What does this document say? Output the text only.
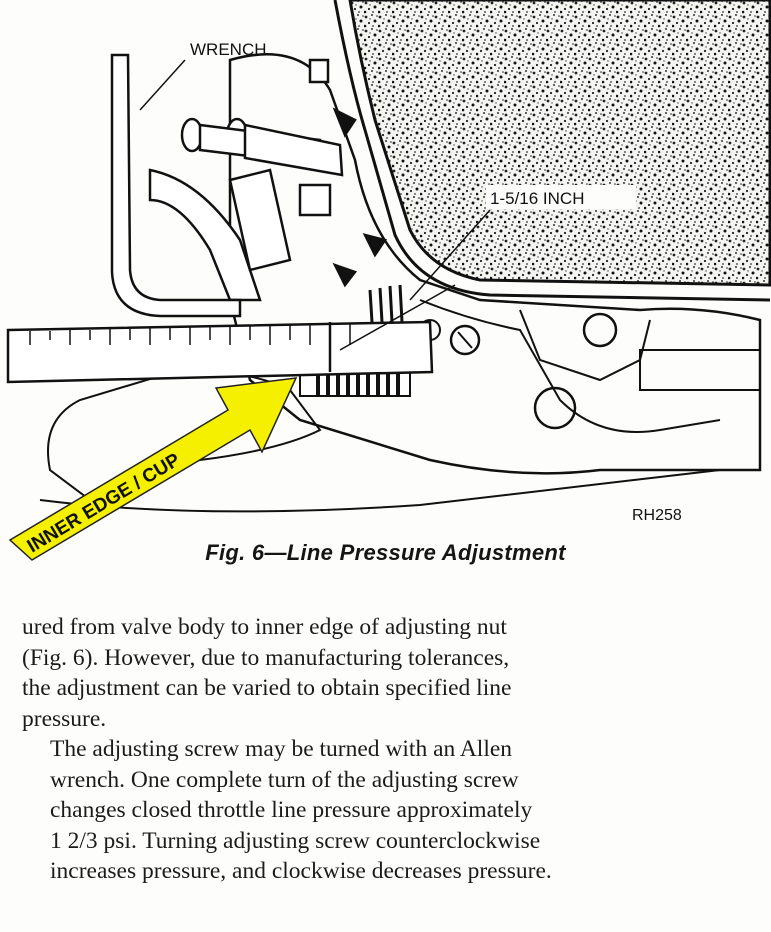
WRENCH
1-5/16 INCH
RH258
INNER EDGE / CUP Fig. 6—Line Pressure Adjustment

ured from valve body to inner edge of adjusting nut
(Fig. 6). However, due to manufacturing tolerances,
the adjustment can be varied to obtain specified line
pressure.

The adjusting screw may be turned with an Allen
wrench. One complete turn of the adjusting screw
changes closed throttle line pressure approximately
1 2/3 psi. Turning adjusting screw counterclockwise
increases pressure, and clockwise decreases pressure.
